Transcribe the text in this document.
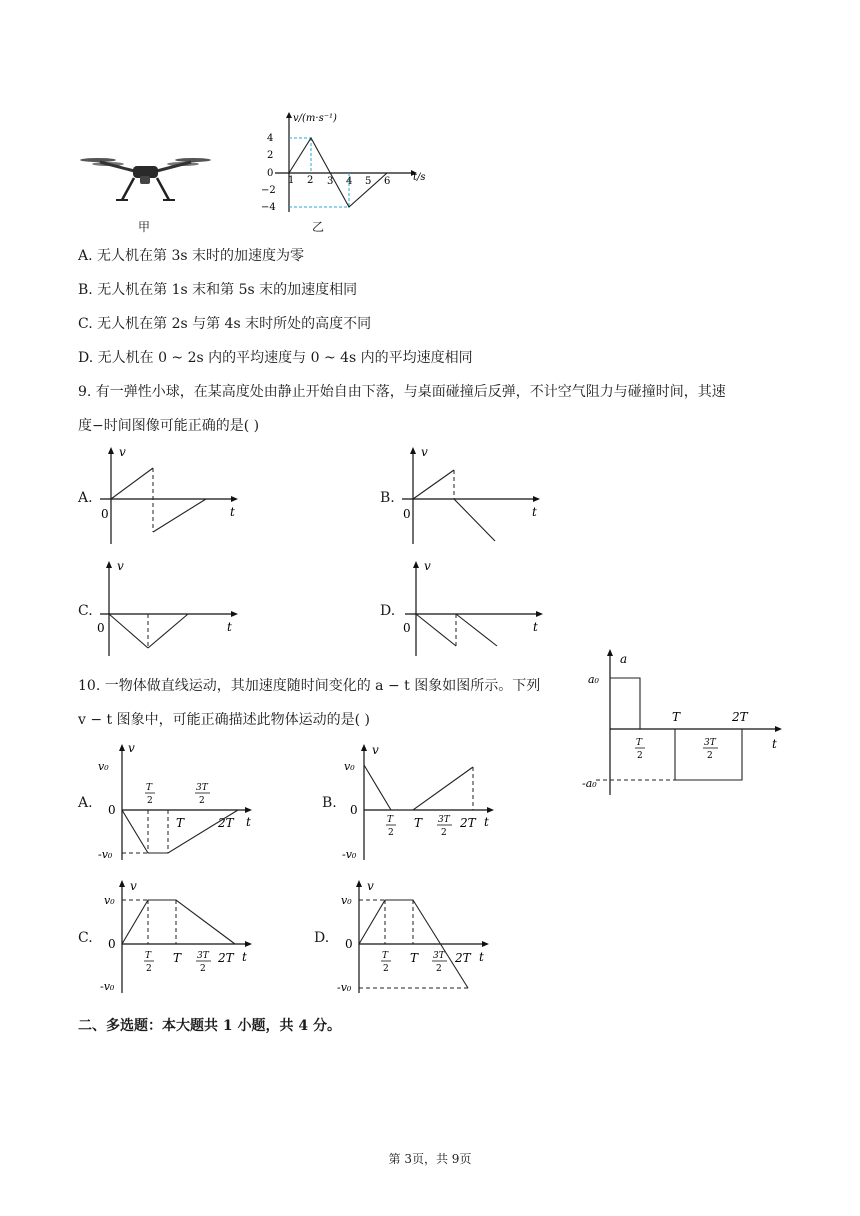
甲
v/(m·s⁻¹)
t/s
4
2
0
−2
−4
1 2 3 4 5 6
乙
A. 无人机在第 3s 末时的加速度为零
B. 无人机在第 1s 末和第 5s 末的加速度相同
C. 无人机在第 2s 与第 4s 末时所处的高度不同
D. 无人机在 0 ~ 2s 内的平均速度与 0 ~ 4s 内的平均速度相同
9. 有一弹性小球，在某高度处由静止开始自由下落，与桌面碰撞后反弹，不计空气阻力与碰撞时间，其速
度−时间图像可能正确的是( )
A.
v
t
0
B.
v
t
0
C.
v
t
0
D.
v
t
0
10. 一物体做直线运动，其加速度随时间变化的 a − t 图象如图所示。下列
v − t 图象中，可能正确描述此物体运动的是( )
a
a₀
-a₀
t
T	2T
T
2
3T
2
A.
v
v₀
0
-v₀
t
T
2
3T
2
T	2T
B.
v
v₀
0
-v₀
t
T
2
T 3T
2
2T
C.
v
v₀
0
-v₀
t
T
2
T 3T
2
2T
D.
v
v₀
0
-v₀
t
T
2
T 3T
2
2T
二、多选题：本大题共 1 小题，共 4 分。
第 3页，共 9页
